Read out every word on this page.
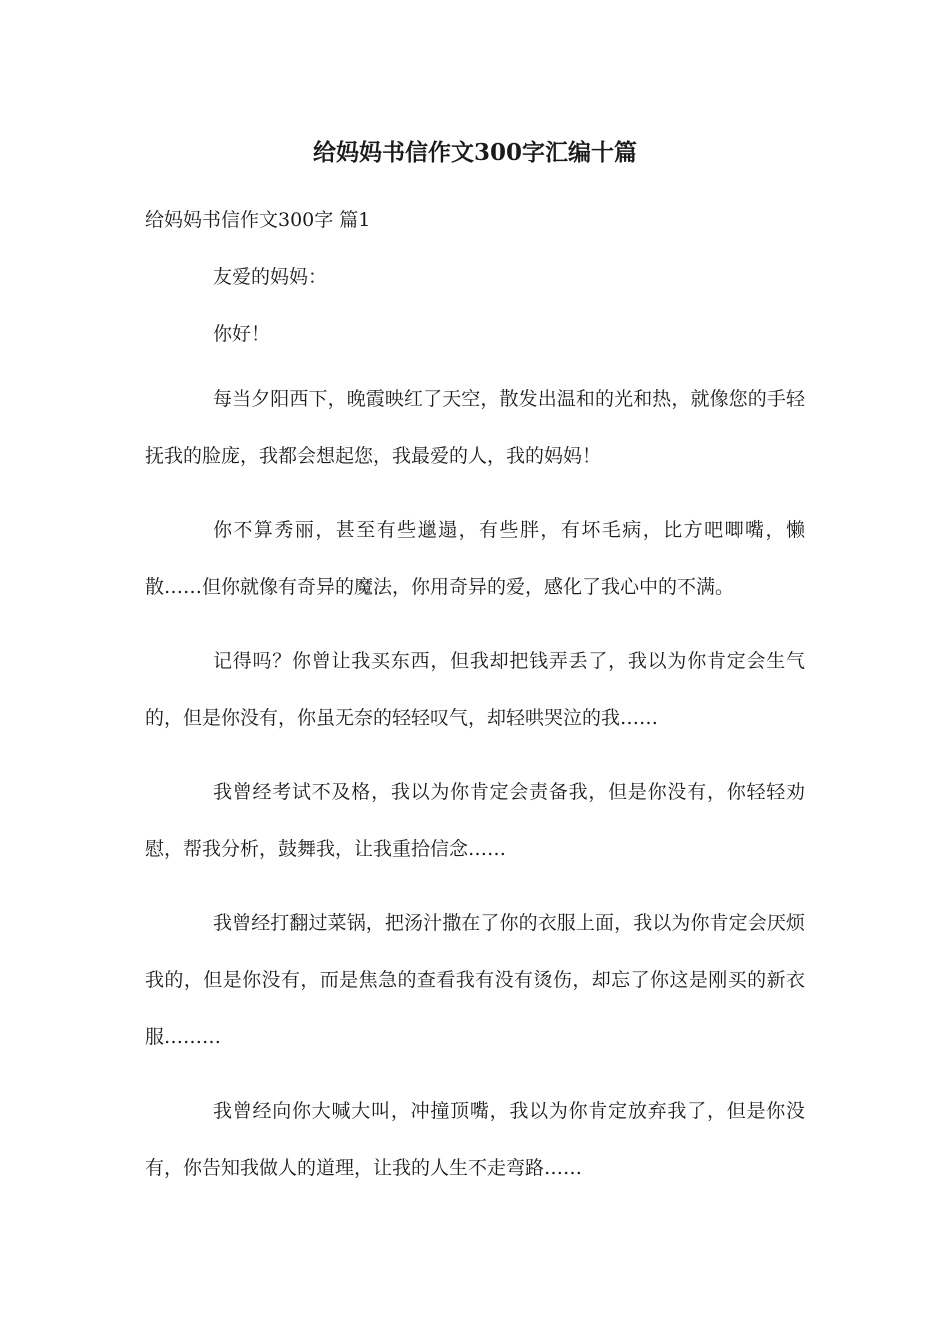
给妈妈书信作文300字汇编十篇

给妈妈书信作文300字 篇1

友爱的妈妈：

你好！

每当夕阳西下，晚霞映红了天空，散发出温和的光和热，就像您的手轻抚我的脸庞，我都会想起您，我最爱的人，我的妈妈！

你不算秀丽，甚至有些邋遢，有些胖，有坏毛病，比方吧唧嘴，懒散……但你就像有奇异的魔法，你用奇异的爱，感化了我心中的不满。

记得吗？你曾让我买东西，但我却把钱弄丢了，我以为你肯定会生气的，但是你没有，你虽无奈的轻轻叹气，却轻哄哭泣的我……

我曾经考试不及格，我以为你肯定会责备我，但是你没有，你轻轻劝慰，帮我分析，鼓舞我，让我重拾信念……

我曾经打翻过菜锅，把汤汁撒在了你的衣服上面，我以为你肯定会厌烦我的，但是你没有，而是焦急的查看我有没有烫伤，却忘了你这是刚买的新衣服………

我曾经向你大喊大叫，冲撞顶嘴，我以为你肯定放弃我了，但是你没有，你告知我做人的道理，让我的人生不走弯路……
